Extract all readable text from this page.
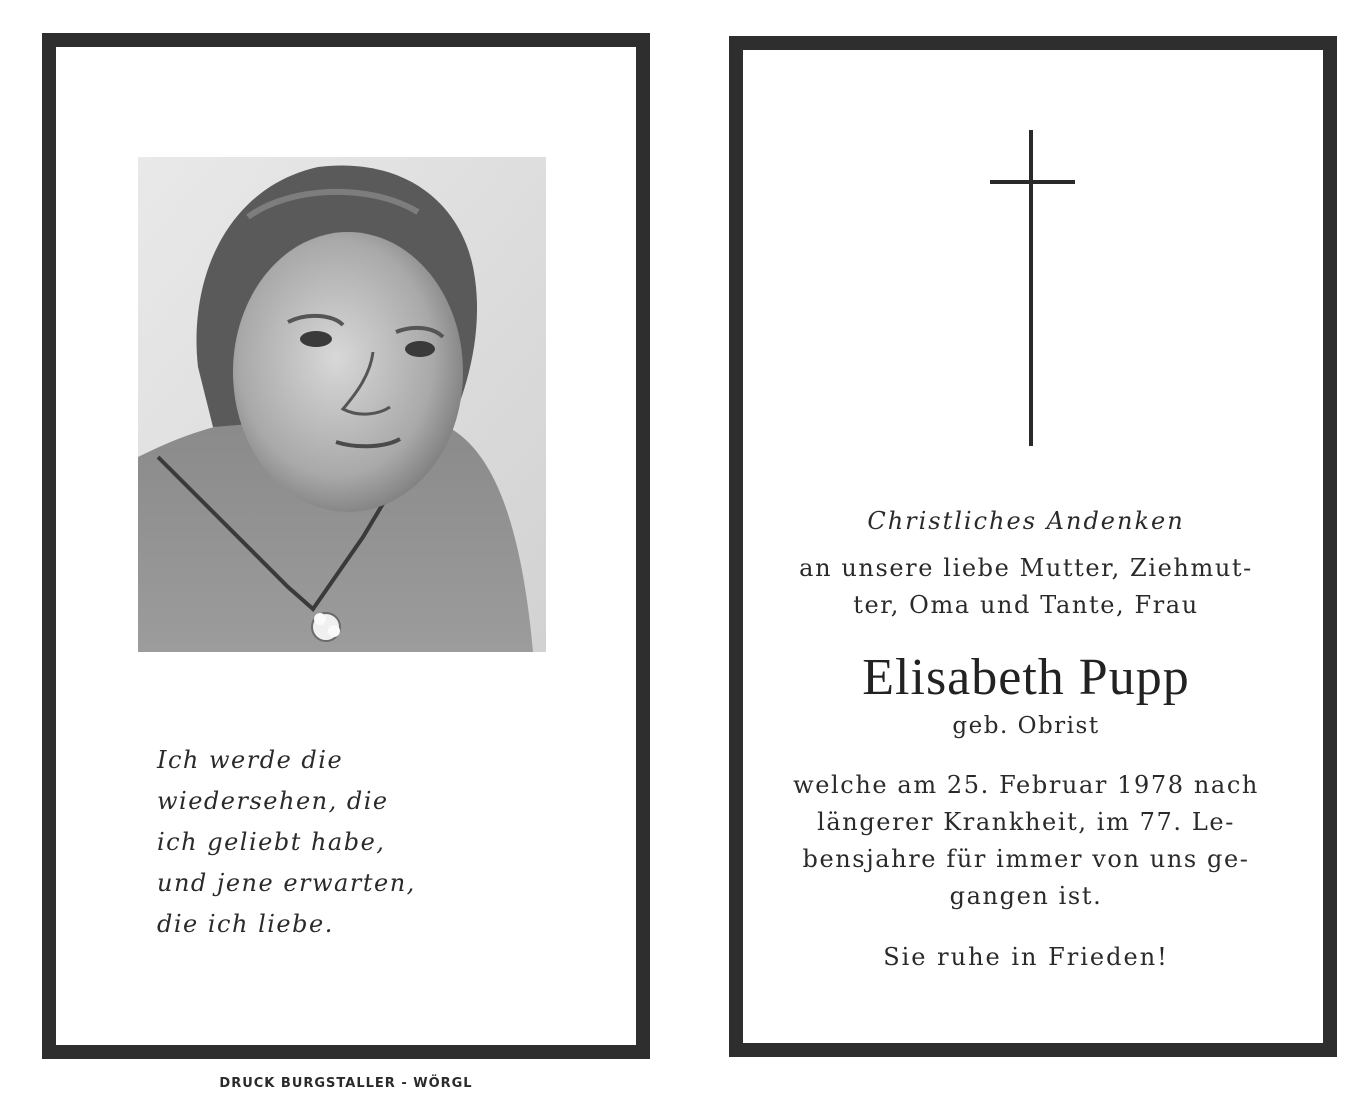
Ich werde die
wiedersehen, die
ich geliebt habe,
und jene erwarten,
die ich liebe.
DRUCK BURGSTALLER - WÖRGL
Christliches Andenken
an unsere liebe Mutter, Ziehmut-
ter, Oma und Tante, Frau
Elisabeth Pupp
geb. Obrist
welche am 25. Februar 1978 nach
längerer Krankheit, im 77. Le-
bensjahre für immer von uns ge-
gangen ist.
Sie ruhe in Frieden!
